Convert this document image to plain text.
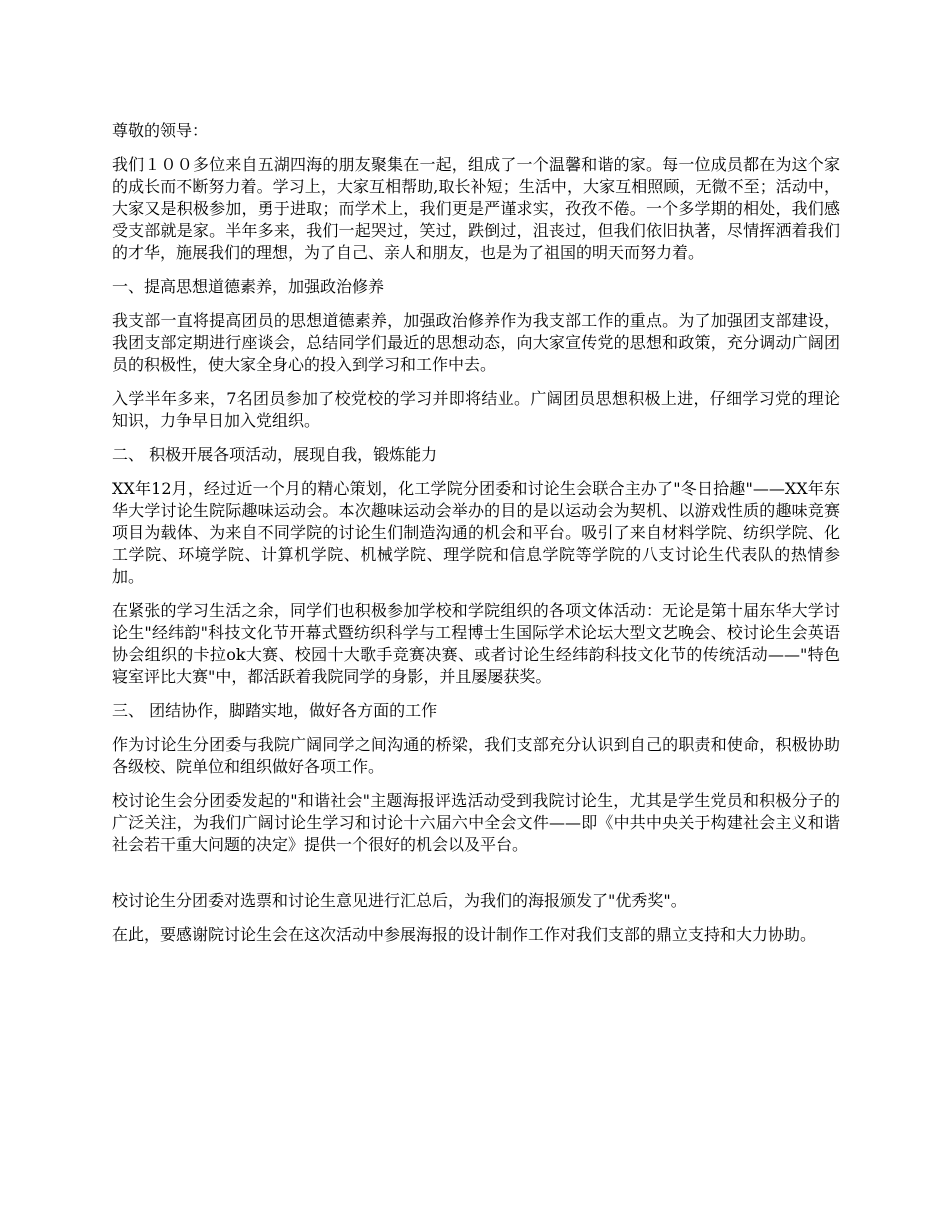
尊敬的领导：

我们１００多位来自五湖四海的朋友聚集在一起，组成了一个温馨和谐的家。每一位成员都在为这个家的成长而不断努力着。学习上，大家互相帮助,取长补短；生活中，大家互相照顾，无微不至；活动中，大家又是积极参加，勇于进取；而学术上，我们更是严谨求实，孜孜不倦。一个多学期的相处，我们感受支部就是家。半年多来，我们一起哭过，笑过，跌倒过，沮丧过，但我们依旧执著，尽情挥洒着我们的才华，施展我们的理想，为了自己、亲人和朋友，也是为了祖国的明天而努力着。

一、提高思想道德素养，加强政治修养

我支部一直将提高团员的思想道德素养，加强政治修养作为我支部工作的重点。为了加强团支部建设，我团支部定期进行座谈会，总结同学们最近的思想动态，向大家宣传党的思想和政策，充分调动广阔团员的积极性，使大家全身心的投入到学习和工作中去。

入学半年多来，7名团员参加了校党校的学习并即将结业。广阔团员思想积极上进，仔细学习党的理论知识，力争早日加入党组织。

二、 积极开展各项活动，展现自我，锻炼能力

XX年12月，经过近一个月的精心策划，化工学院分团委和讨论生会联合主办了"冬日拾趣"——XX年东华大学讨论生院际趣味运动会。本次趣味运动会举办的目的是以运动会为契机、以游戏性质的趣味竞赛项目为载体、为来自不同学院的讨论生们制造沟通的机会和平台。吸引了来自材料学院、纺织学院、化工学院、环境学院、计算机学院、机械学院、理学院和信息学院等学院的八支讨论生代表队的热情参加。

在紧张的学习生活之余，同学们也积极参加学校和学院组织的各项文体活动：无论是第十届东华大学讨论生"经纬韵"科技文化节开幕式暨纺织科学与工程博士生国际学术论坛大型文艺晚会、校讨论生会英语协会组织的卡拉ok大赛、校园十大歌手竞赛决赛、或者讨论生经纬韵科技文化节的传统活动——"特色寝室评比大赛"中，都活跃着我院同学的身影，并且屡屡获奖。

三、 团结协作，脚踏实地，做好各方面的工作

作为讨论生分团委与我院广阔同学之间沟通的桥梁，我们支部充分认识到自己的职责和使命，积极协助各级校、院单位和组织做好各项工作。

校讨论生会分团委发起的"和谐社会"主题海报评选活动受到我院讨论生，尤其是学生党员和积极分子的广泛关注，为我们广阔讨论生学习和讨论十六届六中全会文件——即《中共中央关于构建社会主义和谐社会若干重大问题的决定》提供一个很好的机会以及平台。

校讨论生分团委对选票和讨论生意见进行汇总后，为我们的海报颁发了"优秀奖"。

在此，要感谢院讨论生会在这次活动中参展海报的设计制作工作对我们支部的鼎立支持和大力协助。
